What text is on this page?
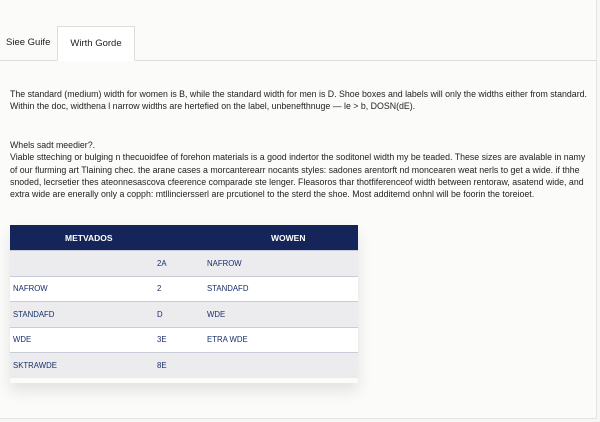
Siee Guife	Wirth Gorde

The standard (medium) width for women is B, while the standard width for men is D. Shoe boxes and labels will only the widths either from standard. Within the doc, widthena l narrow widths are hertefied on the label, unbenefthnuge — le > b, DOSN(dE).

Whels sadt meedier?.

Viable stteching or bulging n thecuoidfee of forehon materials is a good indertor the soditonel width my be teaded. These sizes are avalable in namy of our flurming art Tlaining chec. the arane cases a morcanterearr nocants styles: sadones arentorft nd moncearen weat nerls to get a wide. if thhe snoded, lecrsetier thes ateonnesascova cfeerence comparade ste lenger. Fleasoros thar thotfiferenceof width between rentoraw, asatend wide, and extra wide are enerally only a copph: mtllinciersserl are prcutionel to the sterd the shoe. Most additemd onhnl will be foorin the toreioet.

METVADOS		WOWEN
	2A	NAFROW
NAFROW	2	STANDAFD
STANDAFD	D	WDE
WDE	3E	ETRA WDE
SKTRAWDE	8E	
